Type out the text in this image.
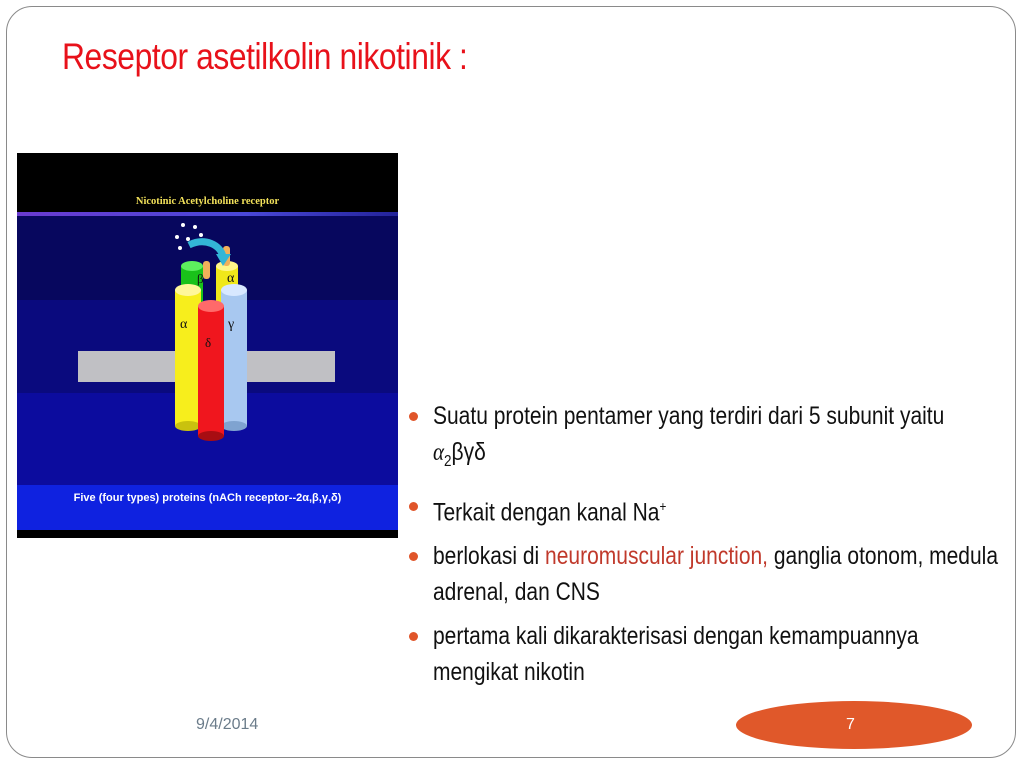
Reseptor asetilkolin nikotinik :
Nicotinic Acetylcholine receptor
β α
α	γ
δ
Five (four types) proteins (nACh receptor--2α,β,γ,δ)
Suatu protein pentamer yang terdiri dari 5 subunit yaitu $\alpha_2\beta\gamma\delta$
Terkait dengan kanal Na+
berlokasi di neuromuscular junction, ganglia otonom, medula adrenal, dan CNS
pertama kali dikarakterisasi dengan kemampuannya mengikat nikotin
9/4/2014	7
